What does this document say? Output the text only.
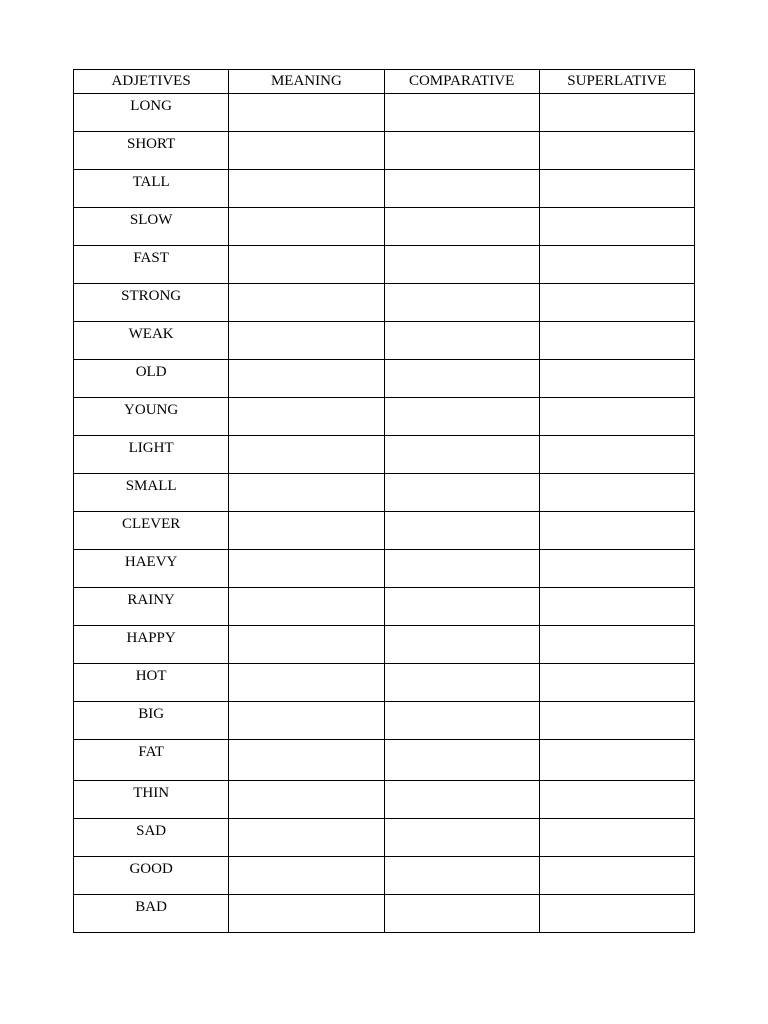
ADJETIVES	MEANING	COMPARATIVE	SUPERLATIVE
LONG			
SHORT			
TALL			
SLOW			
FAST			
STRONG			
WEAK			
OLD			
YOUNG			
LIGHT			
SMALL			
CLEVER			
HAEVY			
RAINY			
HAPPY			
HOT			
BIG			
FAT			
THIN			
SAD			
GOOD			
BAD			
